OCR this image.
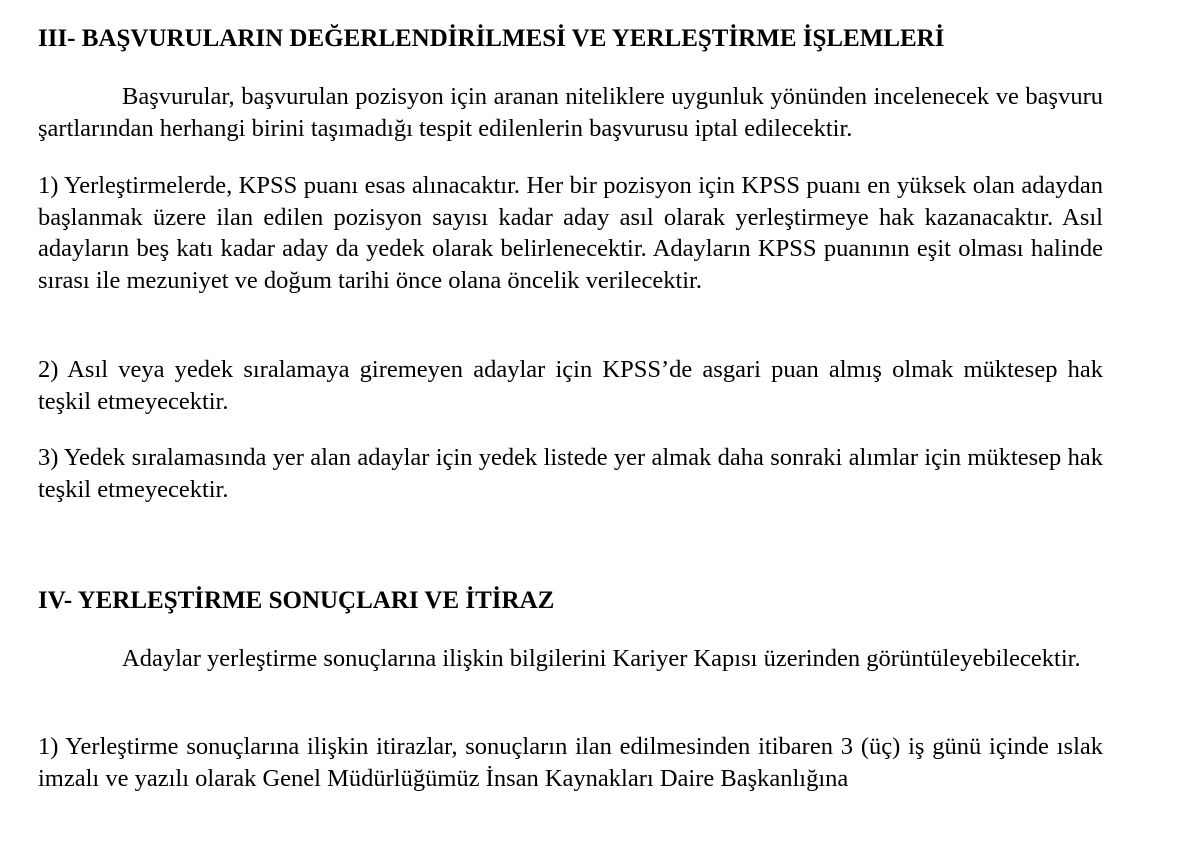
III- BAŞVURULARIN DEĞERLENDİRİLMESİ VE YERLEŞTİRME İŞLEMLERİ
Başvurular, başvurulan pozisyon için aranan niteliklere uygunluk yönünden incelenecek ve başvuru şartlarından herhangi birini taşımadığı tespit edilenlerin başvurusu iptal edilecektir.
1) Yerleştirmelerde, KPSS puanı esas alınacaktır. Her bir pozisyon için KPSS puanı en yüksek olan adaydan başlanmak üzere ilan edilen pozisyon sayısı kadar aday asıl olarak yerleştirmeye hak kazanacaktır. Asıl adayların beş katı kadar aday da yedek olarak belirlenecektir. Adayların KPSS puanının eşit olması halinde sırası ile mezuniyet ve doğum tarihi önce olana öncelik verilecektir.
2) Asıl veya yedek sıralamaya giremeyen adaylar için KPSS’de asgari puan almış olmak müktesep hak teşkil etmeyecektir.
3) Yedek sıralamasında yer alan adaylar için yedek listede yer almak daha sonraki alımlar için müktesep hak teşkil etmeyecektir.
IV- YERLEŞTİRME SONUÇLARI VE İTİRAZ
Adaylar yerleştirme sonuçlarına ilişkin bilgilerini Kariyer Kapısı üzerinden görüntüleyebilecektir.
1) Yerleştirme sonuçlarına ilişkin itirazlar, sonuçların ilan edilmesinden itibaren 3 (üç) iş günü içinde ıslak imzalı ve yazılı olarak Genel Müdürlüğümüz İnsan Kaynakları Daire Başkanlığına
